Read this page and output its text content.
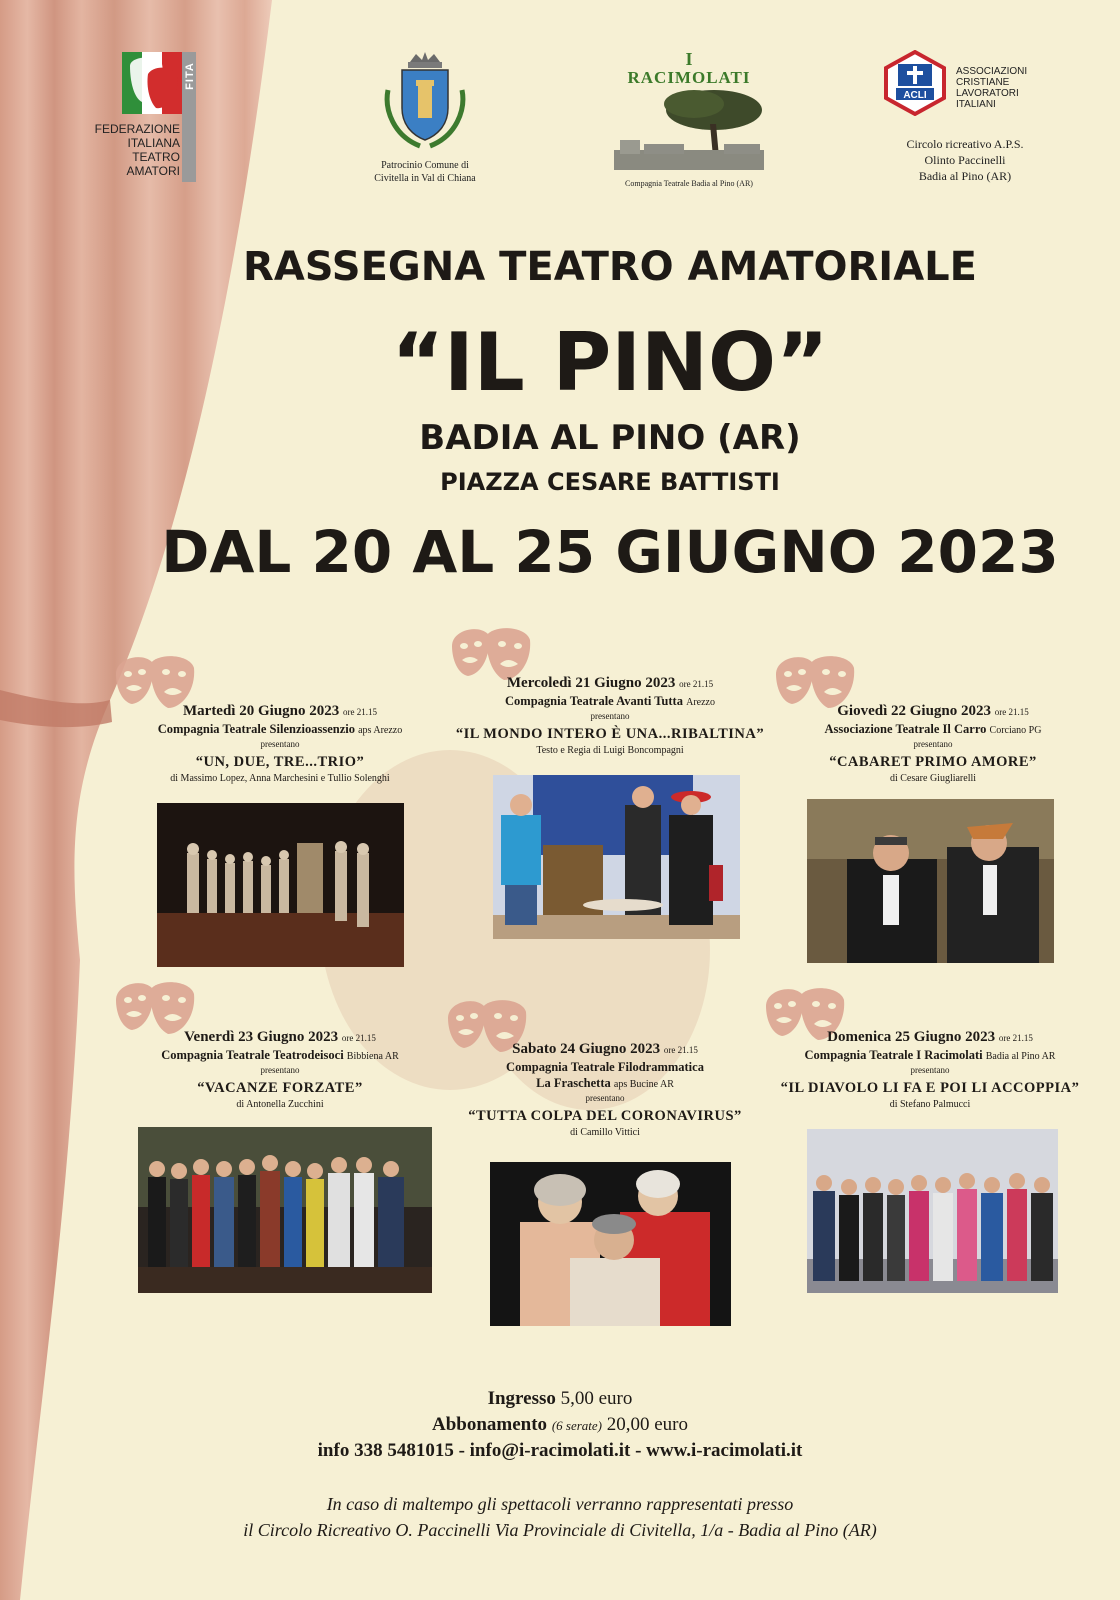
FITA
FEDERAZIONE
ITALIANA
TEATRO
AMATORI	Patrocinio Comune di
Civitella in Val di Chiana
I
RACIMOLATI
Compagnia Teatrale Badia al Pino (AR)
ACLI
ASSOCIAZIONI
CRISTIANE
LAVORATORI
ITALIANI
Circolo ricreativo A.P.S.
Olinto Paccinelli
Badia al Pino (AR)
RASSEGNA TEATRO AMATORIALE
“IL PINO”
BADIA AL PINO (AR)
PIAZZA CESARE BATTISTI
DAL 20 AL 25 GIUGNO 2023
Martedì 20 Giugno 2023 ore 21.15
Compagnia Teatrale Silenzioassenzio aps Arezzo
presentano
“UN, DUE, TRE...TRIO”
di Massimo Lopez, Anna Marchesini e Tullio Solenghi
Mercoledì 21 Giugno 2023 ore 21.15
Compagnia Teatrale Avanti Tutta Arezzo
presentano
“IL MONDO INTERO È UNA...RIBALTINA”
Testo e Regia di Luigi Boncompagni
Giovedì 22 Giugno 2023 ore 21.15
Associazione Teatrale Il Carro Corciano PG
presentano
“CABARET PRIMO AMORE”
di Cesare Giugliarelli
Venerdì 23 Giugno 2023 ore 21.15
Compagnia Teatrale Teatrodeisoci Bibbiena AR
presentano
“VACANZE FORZATE”
di Antonella Zucchini
Sabato 24 Giugno 2023 ore 21.15
Compagnia Teatrale Filodrammatica
La Fraschetta aps Bucine AR
presentano
“TUTTA COLPA DEL CORONAVIRUS”
di Camillo Vittici
Domenica 25 Giugno 2023 ore 21.15
Compagnia Teatrale I Racimolati Badia al Pino AR
presentano
“IL DIAVOLO LI FA E POI LI ACCOPPIA”
di Stefano Palmucci
Ingresso 5,00 euro
Abbonamento (6 serate) 20,00 euro
info 338 5481015 - info@i-racimolati.it - www.i-racimolati.it
In caso di maltempo gli spettacoli verranno rappresentati presso
il Circolo Ricreativo O. Paccinelli Via Provinciale di Civitella, 1/a - Badia al Pino (AR)
